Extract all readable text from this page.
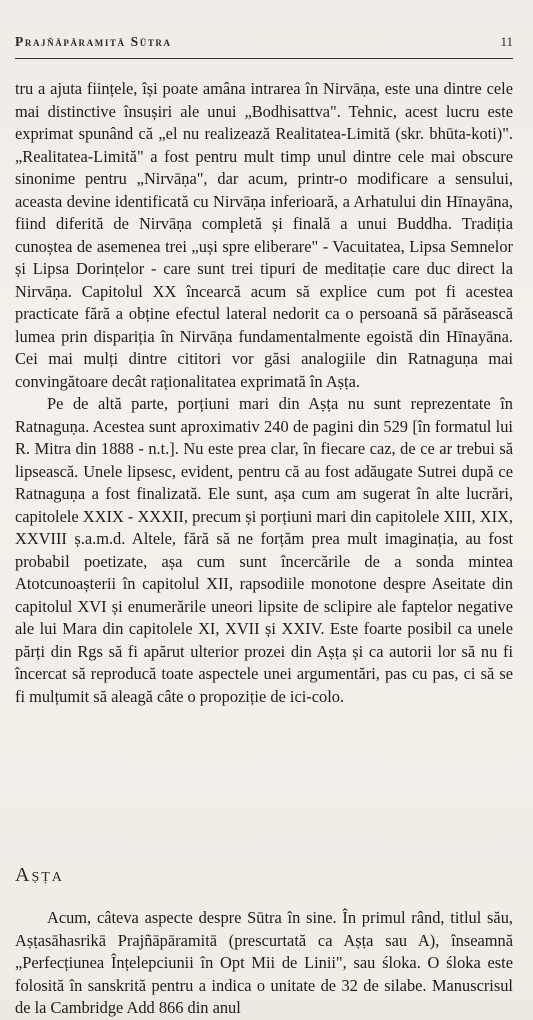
Prajñāpāramitā Sūtra	11

tru a ajuta ființele, își poate amâna intrarea în Nirvāṇa, este una dintre cele mai distinctive însușiri ale unui „Bodhisattva". Tehnic, acest lucru este exprimat spunând că „el nu realizează Realitatea-Limită (skr. bhūta-koti)". „Realitatea-Limită" a fost pentru mult timp unul dintre cele mai obscure sinonime pentru „Nirvāṇa", dar acum, printr-o modificare a sensului, aceasta devine identificată cu Nirvāṇa inferioară, a Arhatului din Hīnayāna, fiind diferită de Nirvāṇa completă și finală a unui Buddha. Tradiția cunoștea de asemenea trei „uși spre eliberare" - Vacuitatea, Lipsa Semnelor și Lipsa Dorințelor - care sunt trei tipuri de meditație care duc direct la Nirvāṇa. Capitolul XX încearcă acum să explice cum pot fi acestea practicate fără a obține efectul lateral nedorit ca o persoană să părăsească lumea prin dispariția în Nirvāṇa fundamentalmente egoistă din Hīnayāna. Cei mai mulți dintre cititori vor găsi analogiile din Ratnaguṇa mai convingătoare decât raționalitatea exprimată în Aṣṭa.

Pe de altă parte, porțiuni mari din Aṣṭa nu sunt reprezentate în Ratnaguṇa. Acestea sunt aproximativ 240 de pagini din 529 [în formatul lui R. Mitra din 1888 - n.t.]. Nu este prea clar, în fiecare caz, de ce ar trebui să lipsească. Unele lipsesc, evident, pentru că au fost adăugate Sutrei după ce Ratnaguṇa a fost finalizată. Ele sunt, așa cum am sugerat în alte lucrări, capitolele XXIX - XXXII, precum și porțiuni mari din capitolele XIII, XIX, XXVIII ș.a.m.d. Altele, fără să ne forțăm prea mult imaginația, au fost probabil poetizate, așa cum sunt încercările de a sonda mintea Atotcunoașterii în capitolul XII, rapsodiile monotone despre Aseitate din capitolul XVI și enumerările uneori lipsite de sclipire ale faptelor negative ale lui Mara din capitolele XI, XVII și XXIV. Este foarte posibil ca unele părți din Rgs să fi apărut ulterior prozei din Aṣṭa și ca autorii lor să nu fi încercat să reproducă toate aspectele unei argumentări, pas cu pas, ci să se fi mulțumit să aleagă câte o propoziție de ici-colo.

Aṣṭa

Acum, câteva aspecte despre Sūtra în sine. În primul rând, titlul său, Aṣṭasāhasrikā Prajñāpāramitā (prescurtată ca Aṣṭa sau A), înseamnă „Perfecțiunea Înțelepciunii în Opt Mii de Linii", sau śloka. O śloka este folosită în sanskrită pentru a indica o unitate de 32 de silabe. Manuscrisul de la Cambridge Add 866 din anul
